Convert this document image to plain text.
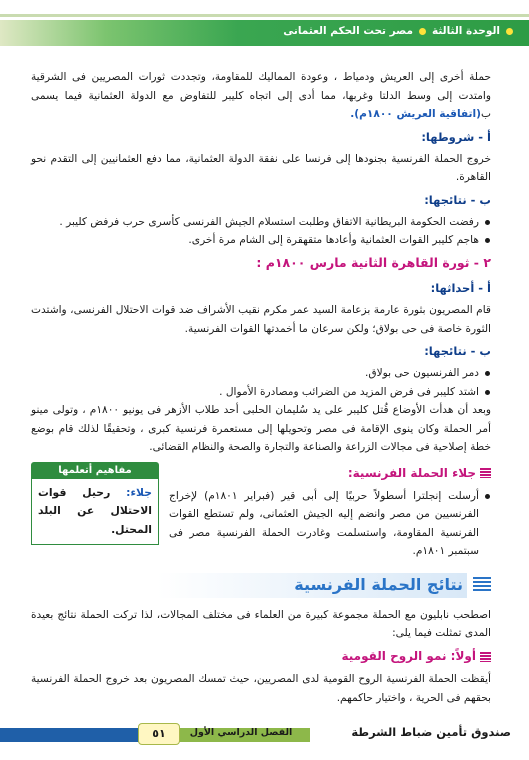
الوحدة الثالثة
مصر تحت الحكم العثمانى

حملة أخرى إلى العريش ودمياط ، وعودة المماليك للمقاومة، وتجددت ثورات المصريين فى الشرقية وامتدت إلى وسط الدلتا وغربها، مما أدى إلى اتجاه كليبر للتفاوض مع الدولة العثمانية فيما يسمى ب(اتفاقية العريش ١٨٠٠م).

أ - شروطها:

خروج الحملة الفرنسية بجنودها إلى فرنسا على نفقة الدولة العثمانية، مما دفع العثمانيين إلى التقدم نحو القاهرة.

ب - نتائجها:
رفضت الحكومة البريطانية الاتفاق وطلبت استسلام الجيش الفرنسى كأسرى حرب فرفض كليبر .
هاجم كليبر القوات العثمانية وأعادها متقهقرة إلى الشام مرة أخرى.
٢ - ثورة القاهرة الثانية مارس ١٨٠٠م :
أ - أحداثها:

قام المصريون بثورة عارمة بزعامة السيد عمر مكرم نقيب الأشراف ضد قوات الاحتلال الفرنسى، واشتدت الثورة خاصة فى حى بولاق؛ ولكن سرعان ما أخمدتها القوات الفرنسية.

ب - نتائجها:
دمر الفرنسيون حى بولاق.
اشتد كليبر فى فرض المزيد من الضرائب ومصادرة الأموال .

وبعد أن هدأت الأوضاع قُتل كليبر على يد سُليمان الحلبى أحد طلاب الأزهر فى يونيو ١٨٠٠م ، وتولى مينو أمر الحملة وكان ينوى الإقامة فى مصر وتحويلها إلى مستعمرة فرنسية كبرى ، وتحقيقًا لذلك قام بوضع خطة إصلاحية فى مجالات الزراعة والصناعة والتجارة والصحة والنظام القضائى.

جلاء الحملة الفرنسية:
أرسلت إنجلترا أسطولاً حربيًا إلى أبى قير (فبراير ١٨٠١م) لإخراج الفرنسيين من مصر وانضم إليه الجيش العثمانى، ولم تستطع القوات الفرنسية المقاومة، واستسلمت وغادرت الحملة الفرنسية مصر فى سبتمبر ١٨٠١م.
مفاهيم أتعلمها
جلاء: رحيل قوات الاحتلال عن البلد المحتل.
نتائج الحملة الفرنسية

اصطحب نابليون مع الحملة مجموعة كبيرة من العلماء فى مختلف المجالات، لذا تركت الحملة نتائج بعيدة المدى تمثلت فيما يلى:

أولاً: نمو الروح القومية

أيقظت الحملة الفرنسية الروح القومية لدى المصريين، حيث تمسك المصريون بعد خروج الحملة الفرنسية بحقهم فى الحرية ، واختيار حاكمهم.

٥١	الفصل الدراسي الأول	صندوق تأمين ضباط الشرطة
